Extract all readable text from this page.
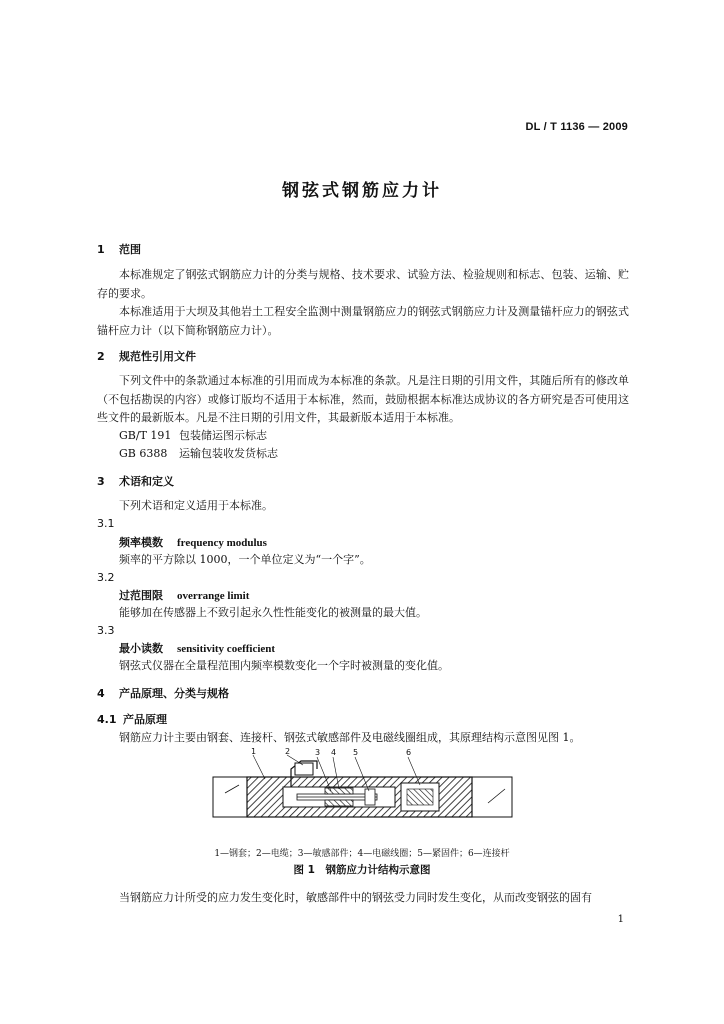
DL / T 1136 — 2009
钢弦式钢筋应力计
1 范围
本标准规定了钢弦式钢筋应力计的分类与规格、技术要求、试验方法、检验规则和标志、包装、运输、贮存的要求。
本标准适用于大坝及其他岩土工程安全监测中测量钢筋应力的钢弦式钢筋应力计及测量锚杆应力的钢弦式锚杆应力计（以下简称钢筋应力计）。
2 规范性引用文件
下列文件中的条款通过本标准的引用而成为本标准的条款。凡是注日期的引用文件，其随后所有的修改单（不包括勘误的内容）或修订版均不适用于本标准，然而，鼓励根据本标准达成协议的各方研究是否可使用这些文件的最新版本。凡是不注日期的引用文件，其最新版本适用于本标准。
GB/T 191 包装储运图示标志
GB 6388 运输包装收发货标志
3 术语和定义
下列术语和定义适用于本标准。
3.1
频率模数 frequency modulus
频率的平方除以 1000，一个单位定义为“一个字”。
3.2
过范围限 overrange limit
能够加在传感器上不致引起永久性性能变化的被测量的最大值。
3.3
最小读数 sensitivity coefficient
钢弦式仪器在全量程范围内频率模数变化一个字时被测量的变化值。
4 产品原理、分类与规格
4.1 产品原理
钢筋应力计主要由钢套、连接杆、钢弦式敏感部件及电磁线圈组成，其原理结构示意图见图 1。
1	2	3 4 5	6
1—钢套；2—电缆；3—敏感部件；4—电磁线圈；5—紧固件；6—连接杆
图 1　钢筋应力计结构示意图
当钢筋应力计所受的应力发生变化时，敏感部件中的钢弦受力同时发生变化，从而改变钢弦的固有
1
